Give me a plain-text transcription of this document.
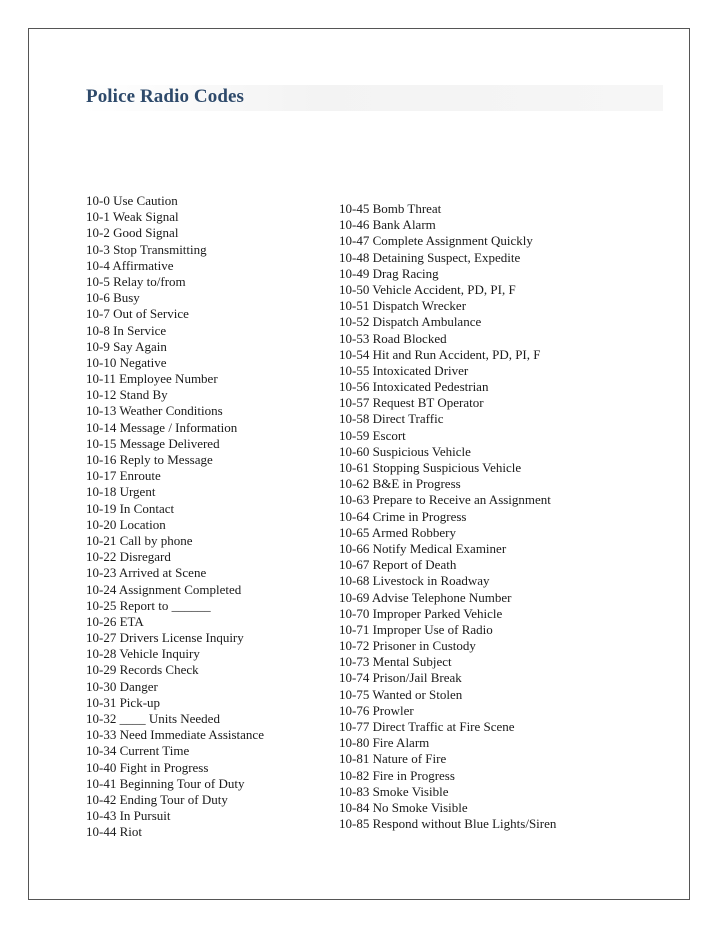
Police Radio Codes
10-0 Use Caution
10-1 Weak Signal
10-2 Good Signal
10-3 Stop Transmitting
10-4 Affirmative
10-5 Relay to/from
10-6 Busy
10-7 Out of Service
10-8 In Service
10-9 Say Again
10-10 Negative
10-11 Employee Number
10-12 Stand By
10-13 Weather Conditions
10-14 Message / Information
10-15 Message Delivered
10-16 Reply to Message
10-17 Enroute
10-18 Urgent
10-19 In Contact
10-20 Location
10-21 Call by phone
10-22 Disregard
10-23 Arrived at Scene
10-24 Assignment Completed
10-25 Report to ______
10-26 ETA
10-27 Drivers License Inquiry
10-28 Vehicle Inquiry
10-29 Records Check
10-30 Danger
10-31 Pick-up
10-32 ____ Units Needed
10-33 Need Immediate Assistance
10-34 Current Time
10-40 Fight in Progress
10-41 Beginning Tour of Duty
10-42 Ending Tour of Duty
10-43 In Pursuit
10-44 Riot
10-45 Bomb Threat
10-46 Bank Alarm
10-47 Complete Assignment Quickly
10-48 Detaining Suspect, Expedite
10-49 Drag Racing
10-50 Vehicle Accident, PD, PI, F
10-51 Dispatch Wrecker
10-52 Dispatch Ambulance
10-53 Road Blocked
10-54 Hit and Run Accident, PD, PI, F
10-55 Intoxicated Driver
10-56 Intoxicated Pedestrian
10-57 Request BT Operator
10-58 Direct Traffic
10-59 Escort
10-60 Suspicious Vehicle
10-61 Stopping Suspicious Vehicle
10-62 B&E in Progress
10-63 Prepare to Receive an Assignment
10-64 Crime in Progress
10-65 Armed Robbery
10-66 Notify Medical Examiner
10-67 Report of Death
10-68 Livestock in Roadway
10-69 Advise Telephone Number
10-70 Improper Parked Vehicle
10-71 Improper Use of Radio
10-72 Prisoner in Custody
10-73 Mental Subject
10-74 Prison/Jail Break
10-75 Wanted or Stolen
10-76 Prowler
10-77 Direct Traffic at Fire Scene
10-80 Fire Alarm
10-81 Nature of Fire
10-82 Fire in Progress
10-83 Smoke Visible
10-84 No Smoke Visible
10-85 Respond without Blue Lights/Siren
